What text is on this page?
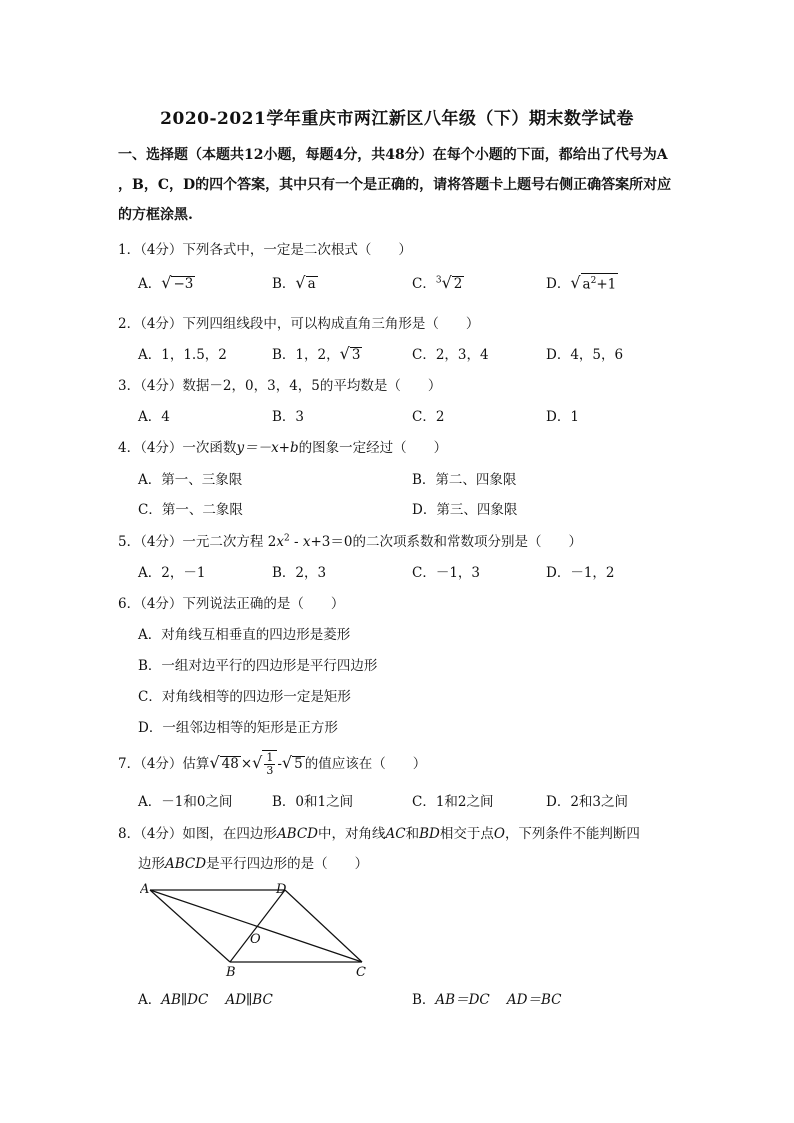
2020-2021学年重庆市两江新区八年级（下）期末数学试卷
一、选择题（本题共12小题，每题4分，共48分）在每个小题的下面，都给出了代号为A
，B，C，D的四个答案，其中只有一个是正确的，请将答题卡上题号右侧正确答案所对应
的方框涂黑.
1．（4分）下列各式中，一定是二次根式（　　）
A．√ −3	B．√ a	C．$^3$√ 2	D．√ $a^2+1$
2．（4分）下列四组线段中，可以构成直角三角形是（　　）
A．1，1.5，2	B．1，2，√ 3	C．2，3，4	D．4，5，6
3．（4分）数据－2，0，3，4，5的平均数是（　　）
A．4	B．3	C．2	D．1
4．（4分）一次函数y＝－x+b的图象一定经过（　　）
A．第一、三象限	B．第二、四象限
C．第一、二象限	D．第三、四象限
5．（4分）一元二次方程 $2x^2 - x+3=0$的二次项系数和常数项分别是（　　）
A．2，－1	B．2，3	C．－1，3	D．－1，2
6．（4分）下列说法正确的是（　　）
A．对角线互相垂直的四边形是菱形
B．一组对边平行的四边形是平行四边形
C．对角线相等的四边形一定是矩形
D．一组邻边相等的矩形是正方形
7．（4分）估算√ 48 ×√ $\frac{1}{3}$ -√ 5 的值应该在（　　）
A．－1和0之间	B．0和1之间	C．1和2之间	D．2和3之间
8．（4分）如图，在四边形ABCD中，对角线AC和BD相交于点O，下列条件不能判断四
边形ABCD是平行四边形的是（　　）
A	D
O
B	C
A．AB∥DC AD∥BC	B．AB＝DC AD＝BC
